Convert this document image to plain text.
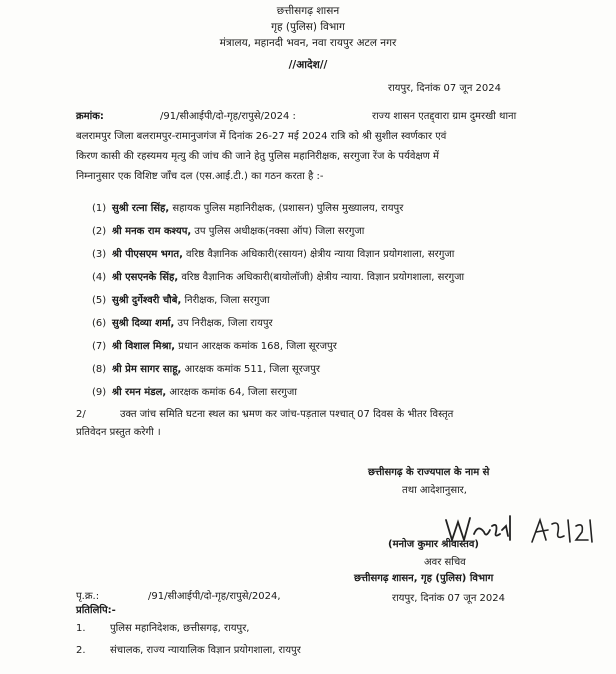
छत्तीसगढ़ शासन
गृह (पुलिस) विभाग
मंत्रालय, महानदी भवन, नवा रायपुर अटल नगर
//आदेश//
रायपुर, दिनांक 07 जून 2024
क्रमांक:	/91/सीआईपी/दो-गृह/रापुसे/2024 :	राज्य शासन एतद्द्वारा ग्राम दुमरखी थाना
बलरामपुर जिला बलरामपुर-रामानुजगंज में दिनांक 26-27 मई 2024 रात्रि को श्री सुशील स्वर्णकार एवं
किरण कासी की रहस्यमय मृत्यु की जांच की जाने हेतु पुलिस महानिरीक्षक, सरगुजा रेंज के पर्यवेक्षण में
निम्नानुसार एक विशिष्ट जाँच दल (एस.आई.टी.) का गठन करता है :-
(1) सुश्री रत्ना सिंह, सहायक पुलिस महानिरीक्षक, (प्रशासन) पुलिस मुख्यालय, रायपुर
(2) श्री मनक राम कश्यप, उप पुलिस अधीक्षक(नक्सा ऑप) जिला सरगुजा
(3) श्री पीएस‍एम भगत, वरिष्ठ वैज्ञानिक अधिकारी(रसायन) क्षेत्रीय न्याया विज्ञान प्रयोगशाला, सरगुजा
(4) श्री एसएनके सिंह, वरिष्ठ वैज्ञानिक अधिकारी(बायोलॉजी) क्षेत्रीय न्याया. विज्ञान प्रयोगशाला, सरगुजा
(5) सुश्री दुर्गेश्वरी चौबे, निरीक्षक, जिला सरगुजा
(6) सुश्री दिव्या शर्मा, उप निरीक्षक, जिला रायपुर
(7) श्री विशाल मिश्रा, प्रधान आरक्षक कमांक 168, जिला सूरजपुर
(8) श्री प्रेम सागर साहू, आरक्षक कमांक 511, जिला सूरजपुर
(9) श्री रमन मंडल, आरक्षक कमांक 64, जिला सरगुजा
2/	उक्त जांच समिति घटना स्थल का भ्रमण कर जांच-पड़ताल पश्चात् 07 दिवस के भीतर विस्तृत
प्रतिवेदन प्रस्तुत करेगी ।
छत्तीसगढ़ के राज्यपाल के नाम से
तथा आदेशानुसार,
(मनोज कुमार श्रीवास्तव)
अवर सचिव
छत्तीसगढ़ शासन, गृह (पुलिस) विभाग
पृ.क्र.:	/91/सीआईपी/दो-गृह/रापुसे/2024,	रायपुर, दिनांक 07 जून 2024
प्रतिलिपि:-
1. पुलिस महानिदेशक, छत्तीसगढ़, रायपुर,
2. संचालक, राज्य न्यायालिक विज्ञान प्रयोगशाला, रायपुर
